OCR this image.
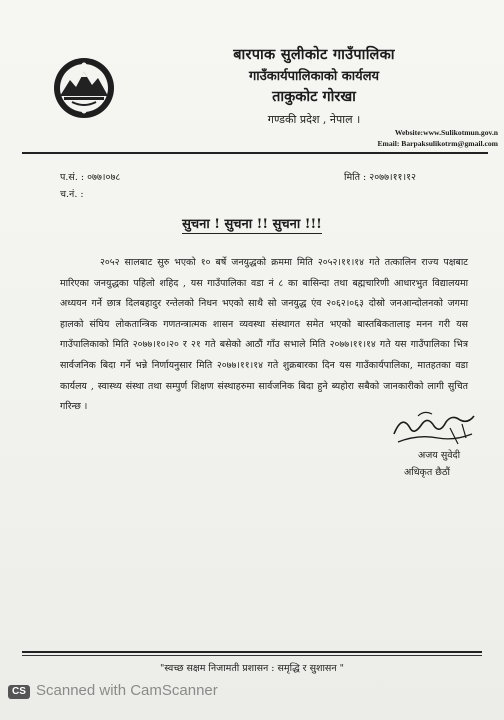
बारपाक सुलीकोट गाउँपालिका
गाउँकार्यपालिकाको कार्यलय
ताकुकोट गोरखा
गण्डकी प्रदेश , नेपाल ।
Website:www.Sulikotmun.gov.n
Email: Barpaksulikotrm@gmail.com
प.सं. : ०७७।०७८
च.नं. :
मिति : २०७७।११।१२
सुचना ! सुचना !! सुचना !!!
२०५२ सालबाट सुरु भएको १० बर्षे जनयुद्धको क्रममा मिति २०५२।११।१४ गते तत्कालिन राज्य पक्षबाट मारिएका जनयुद्धका पहिलो शहिद , यस गाउँपालिका वडा नं ८ का बासिन्दा तथा बह्मचारिणी आधारभुत विद्यालयमा अध्ययन गर्ने छात्र दिलबहादुर रन्तेलको निधन भएको साथै सो जनयुद्ध एंव २०६२।०६३ दोस्रो जनआन्दोलनको जगमा हालको संघिय लोकतान्त्रिक गणतन्त्रात्मक शासन व्यवस्था संस्थागत समेत भएको बास्तबिकतालाइ मनन गरी यस गाउँपालिकाको मिति २०७७।१०।२० र २१ गते बसेको आठौं गाँउ सभाले मिति २०७७।११।१४ गते यस गाउँपालिका भित्र सार्वजनिक बिदा गर्ने भन्ने निर्णायनुसार मिति २०७७।११।१४ गते शुक्रबारका दिन यस गाउँकार्यपालिका, मातहतका वडा कार्यलय , स्वास्थ्य संस्था तथा सम्पुर्ण शिक्षण संस्थाहरुमा सार्वजनिक बिदा हुने ब्यहोरा सबैको जानकारीको लागी सुचित गरिन्छ ।
अजय सुवेदी
अधिकृत छैठौं
"स्वच्छ सक्षम निजामती प्रशासन : समृद्धि र सुशासन "
CS Scanned with CamScanner
